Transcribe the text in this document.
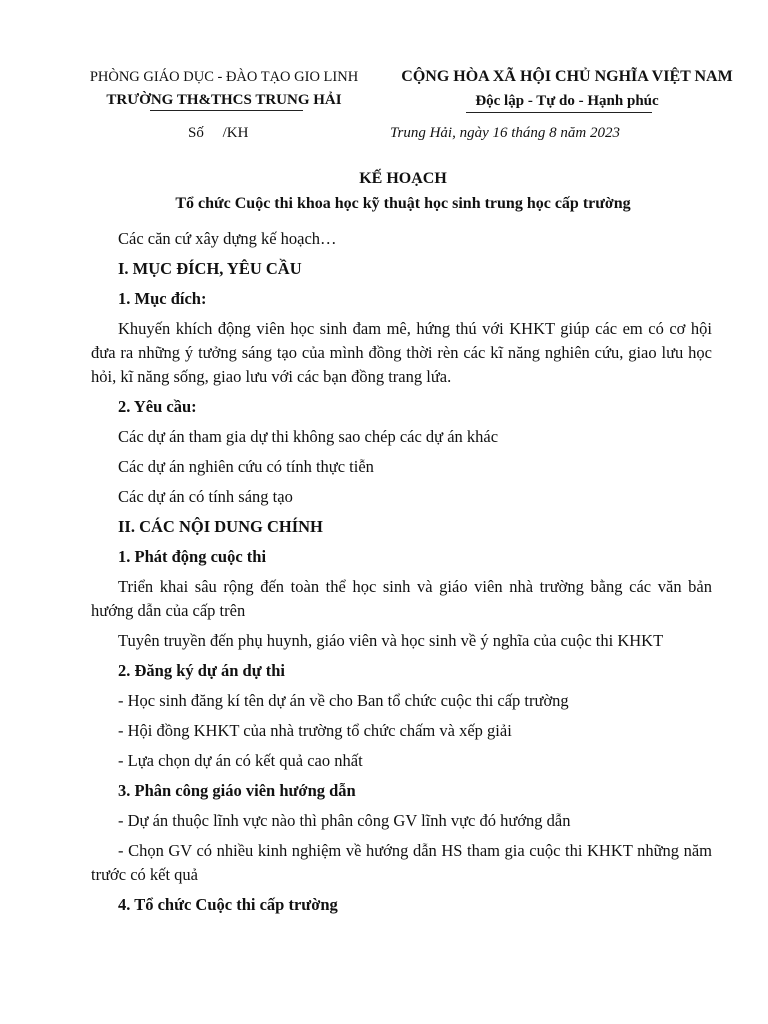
PHÒNG GIÁO DỤC - ĐÀO TẠO GIO LINH
TRƯỜNG TH&THCS TRUNG HẢI
CỘNG HÒA XÃ HỘI CHỦ NGHĨA VIỆT NAM
Độc lập - Tự do - Hạnh phúc
Số     /KH	Trung Hải, ngày 16 tháng 8 năm 2023
KẾ HOẠCH
Tổ chức Cuộc thi khoa học kỹ thuật học sinh trung học cấp trường

Các căn cứ xây dựng kế hoạch…

I. MỤC ĐÍCH, YÊU CẦU

1. Mục đích:

Khuyến khích động viên học sinh đam mê, hứng thú với KHKT giúp các em có cơ hội đưa ra những ý tưởng sáng tạo của mình đồng thời rèn các kĩ năng nghiên cứu, giao lưu học hỏi, kĩ năng sống, giao lưu với các bạn đồng trang lứa.

2. Yêu cầu:

Các dự án tham gia dự thi không sao chép các dự án khác

Các dự án nghiên cứu có tính thực tiễn

Các dự án có tính sáng tạo

II. CÁC NỘI DUNG CHÍNH

1. Phát động cuộc thi

Triển khai sâu rộng đến toàn thể học sinh và giáo viên nhà trường bằng các văn bản hướng dẫn của cấp trên

Tuyên truyền đến phụ huynh, giáo viên và học sinh về ý nghĩa của cuộc thi KHKT

2. Đăng ký dự án dự thi

- Học sinh đăng kí tên dự án về cho Ban tổ chức cuộc thi cấp trường

- Hội đồng KHKT của nhà trường tổ chức chấm và xếp giải

- Lựa chọn dự án có kết quả cao nhất

3. Phân công giáo viên hướng dẫn

- Dự án thuộc lĩnh vực nào thì phân công GV lĩnh vực đó hướng dẫn

- Chọn GV có nhiều kinh nghiệm về hướng dẫn HS tham gia cuộc thi KHKT những năm trước có kết quả

4. Tổ chức Cuộc thi cấp trường
